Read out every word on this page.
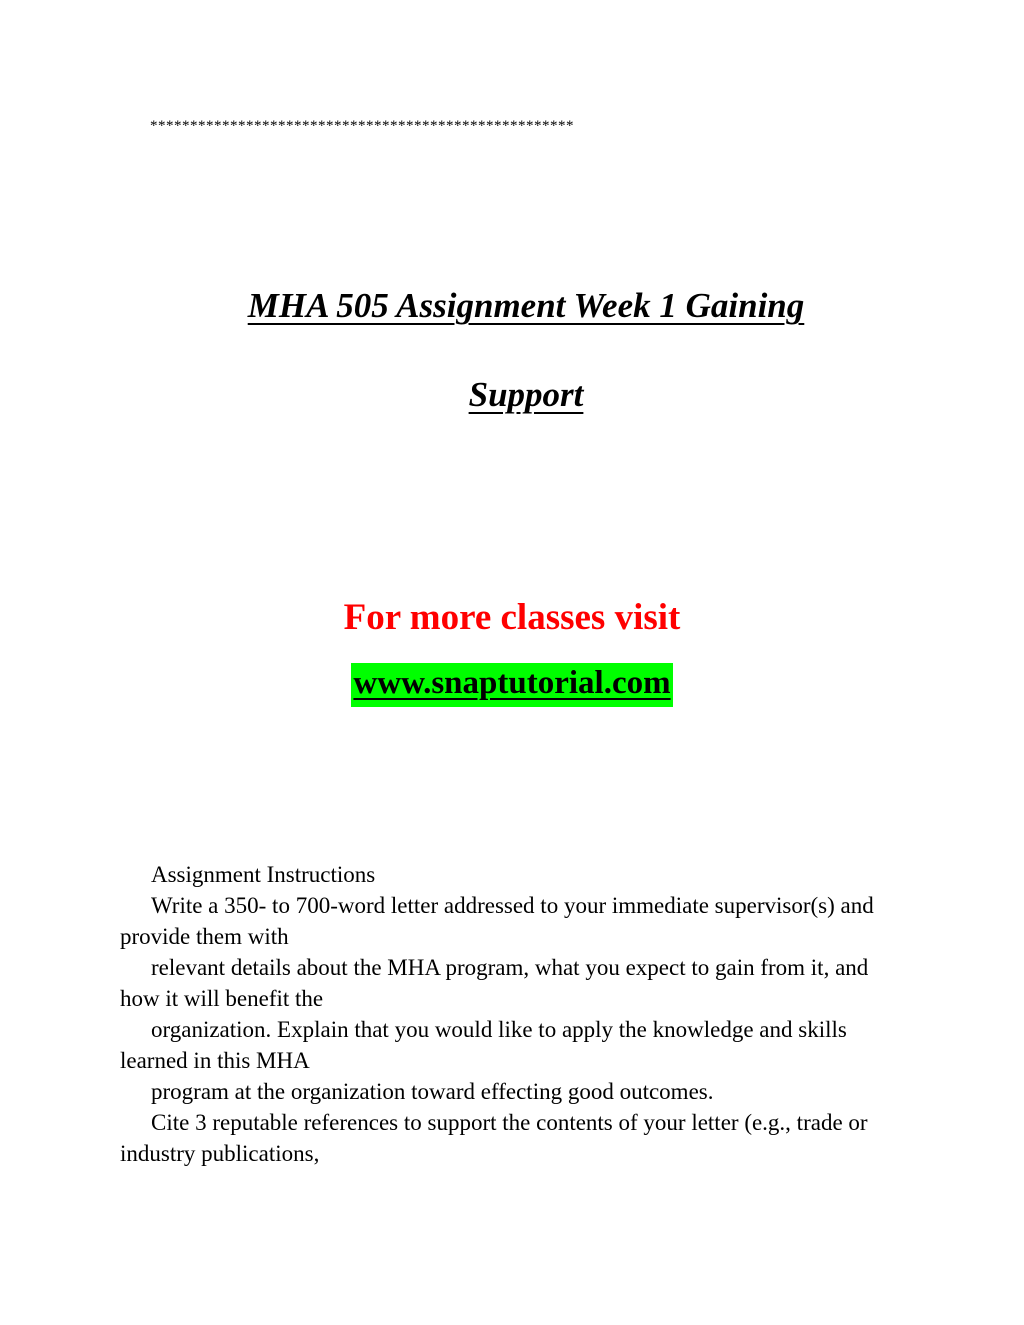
*****************************************************
MHA 505 Assignment Week 1 Gaining
Support
For more classes visit
www.snaptutorial.com

Assignment Instructions

Write a 350- to 700-word letter addressed to your immediate supervisor(s) and provide them with

relevant details about the MHA program, what you expect to gain from it, and how it will benefit the

organization. Explain that you would like to apply the knowledge and skills learned in this MHA

program at the organization toward effecting good outcomes.

Cite 3 reputable references to support the contents of your letter (e.g., trade or industry publications,
